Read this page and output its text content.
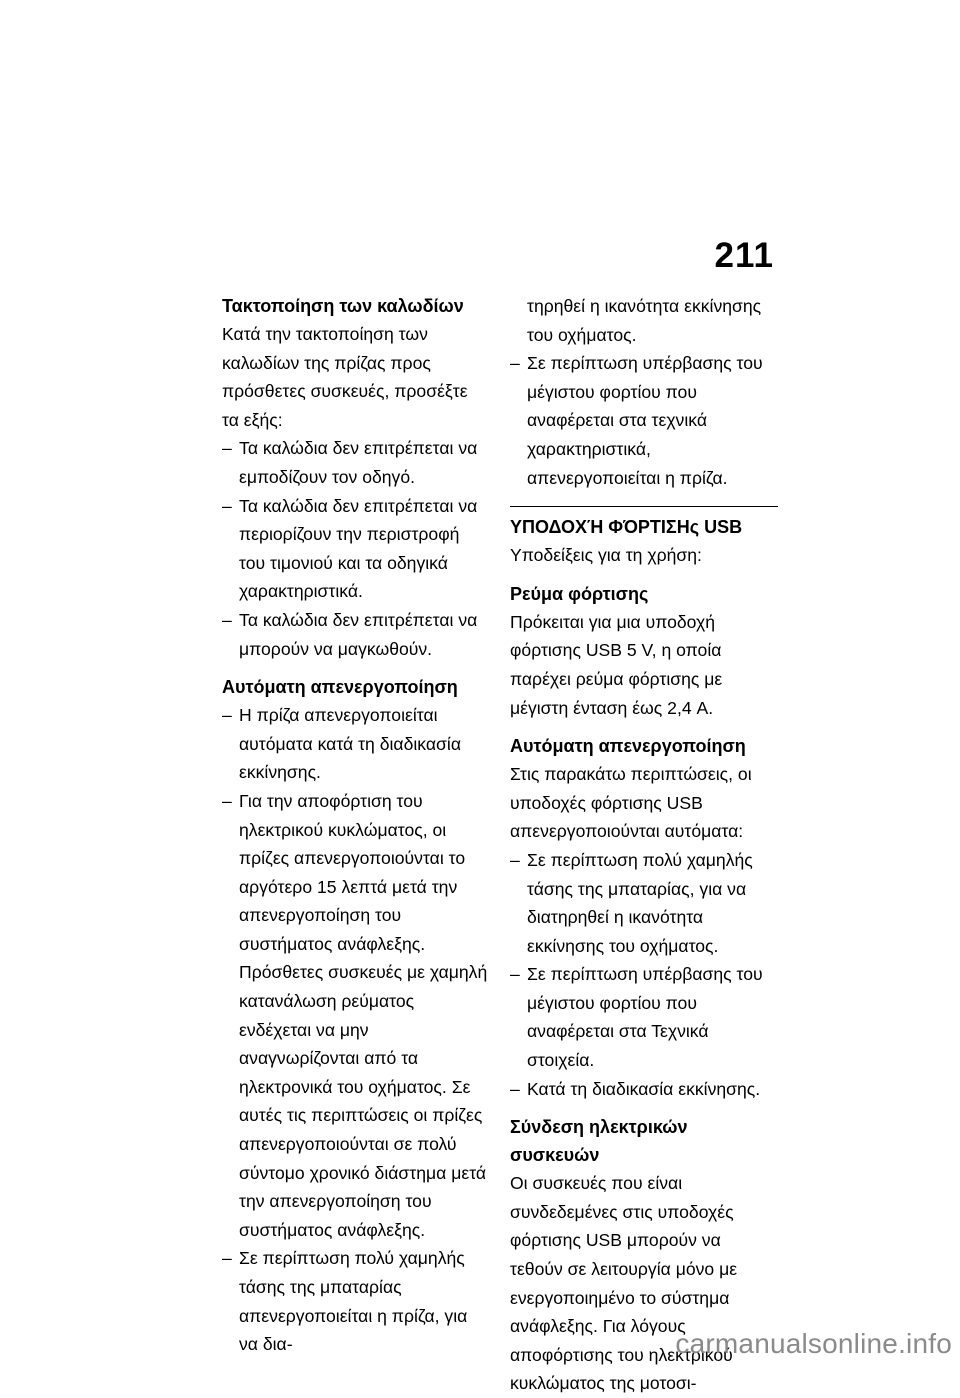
211
Τακτοποίηση των καλωδίων

Κατά την τακτοποίηση των καλωδίων της πρίζας προς πρόσθετες συσκευές, προσέξτε τα εξής:

– Τα καλώδια δεν επιτρέπεται να εμποδίζουν τον οδηγό.
– Τα καλώδια δεν επιτρέπεται να περιορίζουν την περιστροφή του τιμονιού και τα οδηγικά χαρακτηριστικά.
– Τα καλώδια δεν επιτρέπεται να μπορούν να μαγκωθούν.
Αυτόματη απενεργοποίηση
– Η πρίζα απενεργοποιείται αυτόματα κατά τη διαδικασία εκκίνησης.
– Για την αποφόρτιση του ηλεκτρικού κυκλώματος, οι πρίζες απενεργοποιούνται το αργότερο 15 λεπτά μετά την απενεργοποίηση του συστήματος ανάφλεξης. Πρόσθετες συσκευές με χαμηλή κατανάλωση ρεύματος ενδέχεται να μην αναγνωρίζονται από τα ηλεκτρονικά του οχήματος. Σε αυτές τις περιπτώσεις οι πρίζες απενεργοποιούνται σε πολύ σύντομο χρονικό διάστημα μετά την απενεργοποίηση του συστήματος ανάφλεξης.
– Σε περίπτωση πολύ χαμηλής τάσης της μπαταρίας απενεργοποιείται η πρίζα, για να δια-

τηρηθεί η ικανότητα εκκίνησης του οχήματος.

– Σε περίπτωση υπέρβασης του μέγιστου φορτίου που αναφέρεται στα τεχνικά χαρακτηριστικά, απενεργοποιείται η πρίζα.
ΥΠΟΔΟΧΉ ΦΌΡΤΙΣΗς USB

Υποδείξεις για τη χρήση:

Ρεύμα φόρτισης

Πρόκειται για μια υποδοχή φόρτισης USB 5 V, η οποία παρέχει ρεύμα φόρτισης με μέγιστη ένταση έως 2,4 A.

Αυτόματη απενεργοποίηση

Στις παρακάτω περιπτώσεις, οι υποδοχές φόρτισης USB απενεργοποιούνται αυτόματα:

– Σε περίπτωση πολύ χαμηλής τάσης της μπαταρίας, για να διατηρηθεί η ικανότητα εκκίνησης του οχήματος.
– Σε περίπτωση υπέρβασης του μέγιστου φορτίου που αναφέρεται στα Τεχνικά στοιχεία.
– Κατά τη διαδικασία εκκίνησης.
Σύνδεση ηλεκτρικών συσκευών

Οι συσκευές που είναι συνδεδεμένες στις υποδοχές φόρτισης USB μπορούν να τεθούν σε λειτουργία μόνο με ενεργοποιημένο το σύστημα ανάφλεξης. Για λόγους αποφόρτισης του ηλεκτρικού κυκλώματος της μοτοσι-

carmanualsonline.info
